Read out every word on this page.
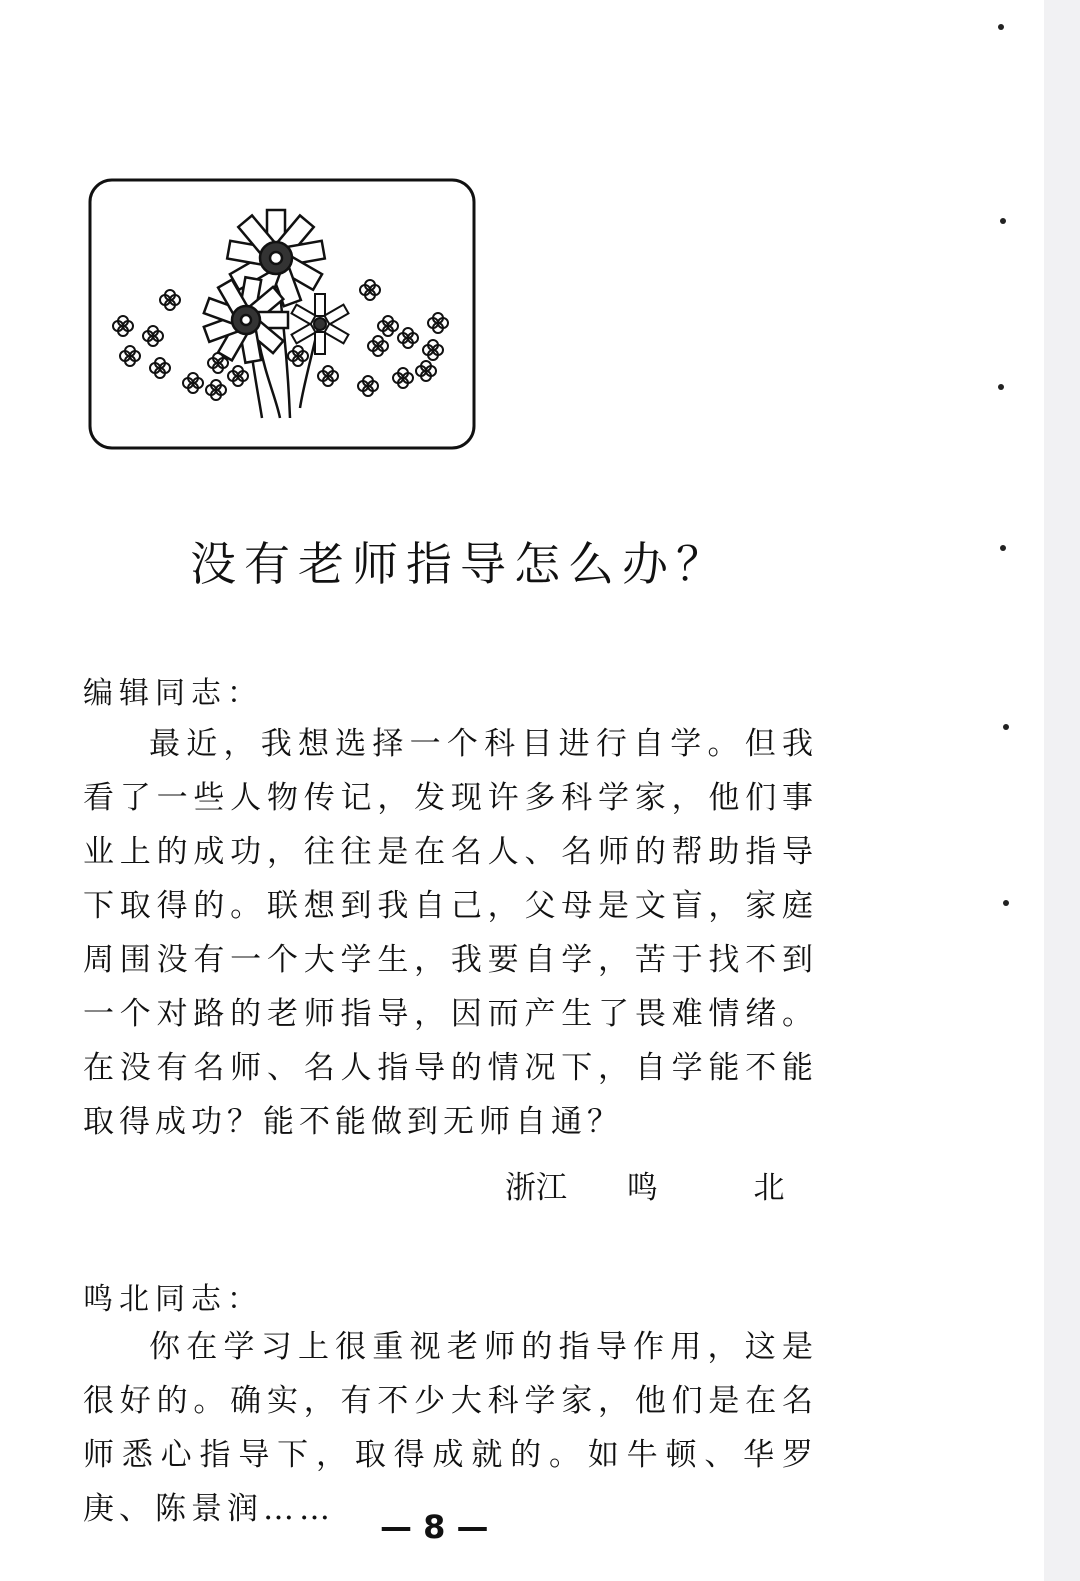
没有老师指导怎么办？

编辑同志：

最近，我想选择一个科目进行自学。但我看了一些人物传记，发现许多科学家，他们事业上的成功，往往是在名人、名师的帮助指导下取得的。联想到我自己，父母是文盲，家庭周围没有一个大学生，我要自学，苦于找不到一个对路的老师指导，因而产生了畏难情绪。在没有名师、名人指导的情况下，自学能不能取得成功？能不能做到无师自通？

浙江 鸣	北

鸣北同志：

你在学习上很重视老师的指导作用，这是很好的。确实，有不少大科学家，他们是在名师悉心指导下，取得成就的。如牛顿、华罗庚、陈景润……	— 8 —
